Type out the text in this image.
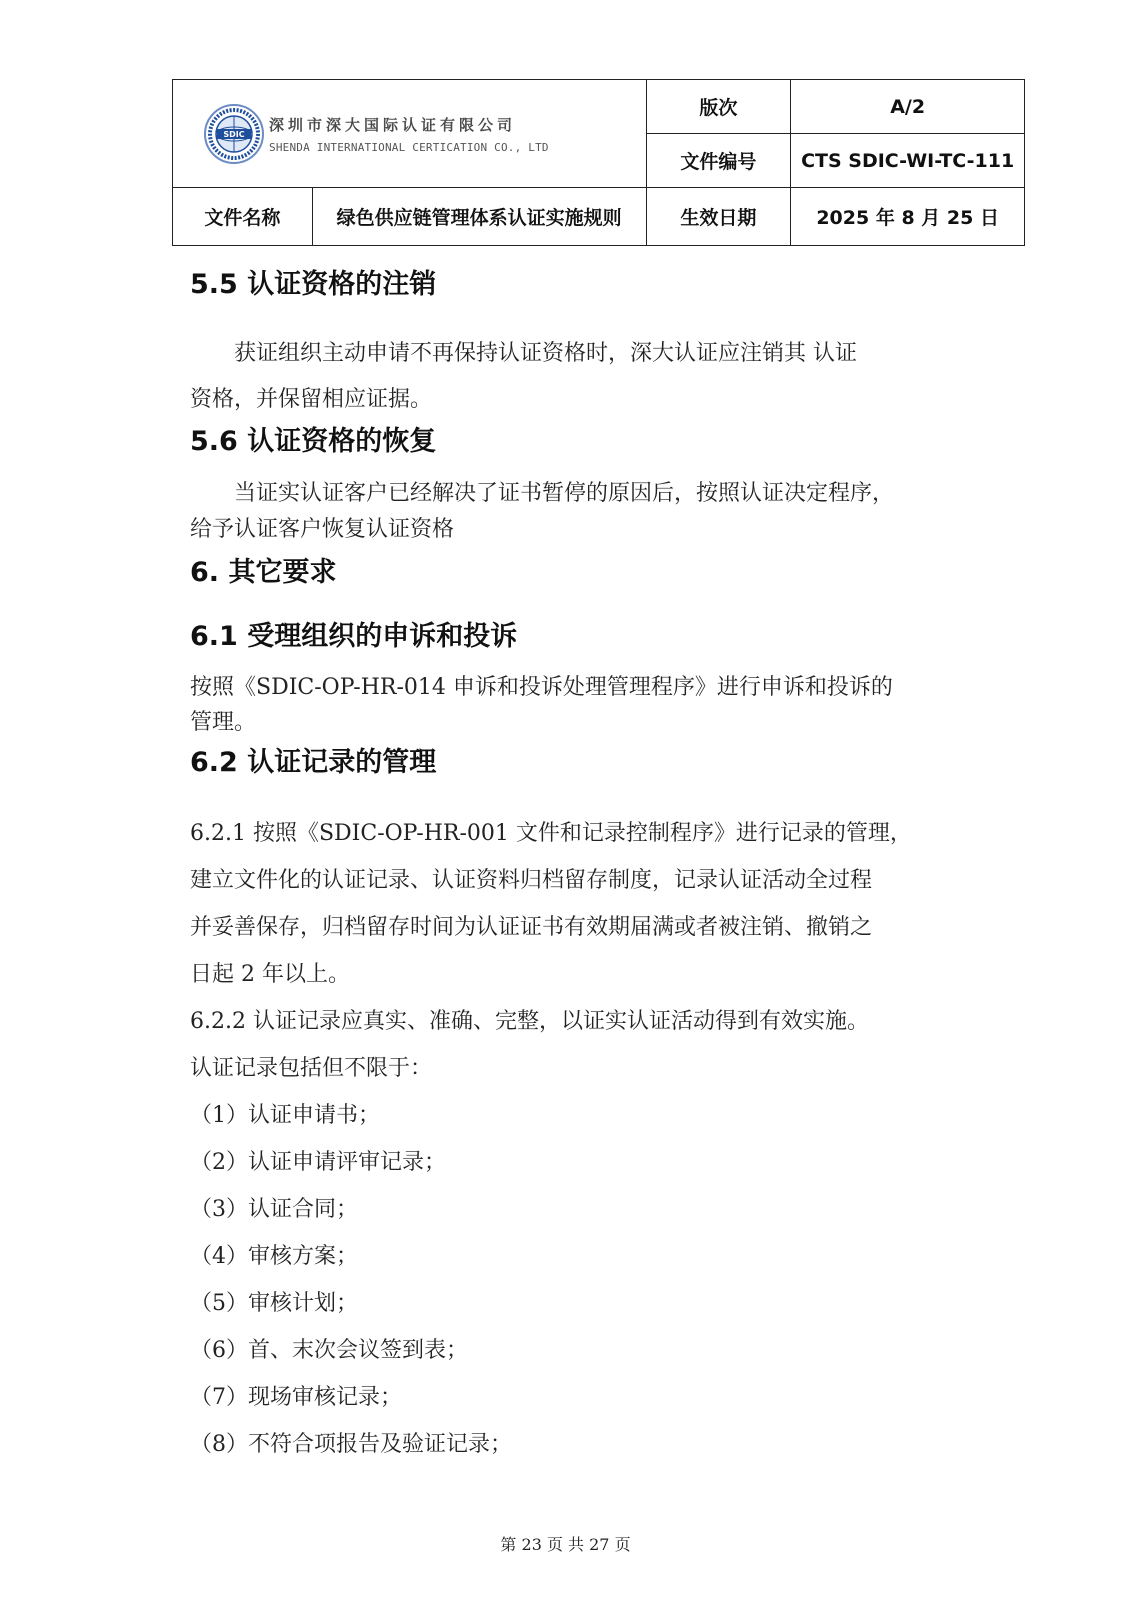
SDIC
深圳市深大国际认证有限公司
SHENDA INTERNATIONAL CERTICATION CO., LTD		版次	A/2
		文件编号	CTS SDIC-WI-TC-111
文件名称	绿色供应链管理体系认证实施规则	生效日期	2025 年 8 月 25 日
5.5 认证资格的注销

获证组织主动申请不再保持认证资格时，深大认证应注销其 认证

资格，并保留相应证据。

5.6 认证资格的恢复

当证实认证客户已经解决了证书暂停的原因后，按照认证决定程序，

给予认证客户恢复认证资格

6. 其它要求
6.1 受理组织的申诉和投诉

按照《SDIC-OP-HR-014 申诉和投诉处理管理程序》进行申诉和投诉的

管理。

6.2 认证记录的管理

6.2.1 按照《SDIC-OP-HR-001 文件和记录控制程序》进行记录的管理，

建立文件化的认证记录、认证资料归档留存制度，记录认证活动全过程

并妥善保存，归档留存时间为认证证书有效期届满或者被注销、撤销之

日起 2 年以上。

6.2.2 认证记录应真实、准确、完整，以证实认证活动得到有效实施。

认证记录包括但不限于：

（1）认证申请书；

（2）认证申请评审记录；

（3）认证合同；

（4）审核方案；

（5）审核计划；

（6）首、末次会议签到表；

（7）现场审核记录；

（8）不符合项报告及验证记录；

第 23 页 共 27 页
